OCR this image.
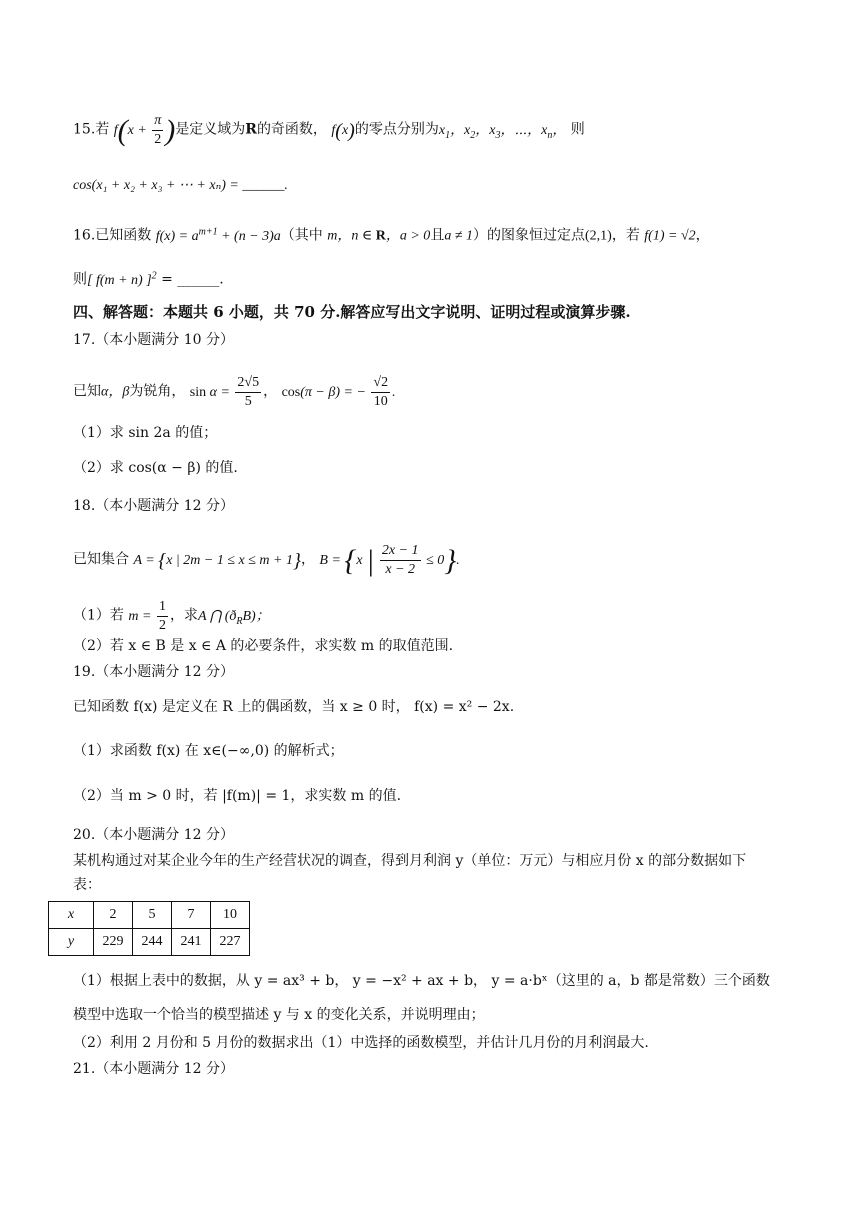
15.若 $f(x + \frac{\pi}{2}$ )是定义域为R的奇函数， f(x)的零点分别为$x_1$，$x_2$，$x_3$，⋯，$x_n$， 则
cos(x₁ + x₂ + x₃ + ⋯ + xₙ) = ______.
16.已知函数 $f(x) = a^{m+1} + (n - 3)a$（其中 m，n ∈ R，a > 0且a ≠ 1）的图象恒过定点(2,1)，若 f(1) = √2，
则[ f(m + n) ]$^2$ = ______.
四、解答题：本题共 6 小题，共 70 分.解答应写出文字说明、证明过程或演算步骤.
17.（本小题满分 10 分）
已知α，β为锐角， $\sin \alpha = \frac{2√5}{5}$ ， cos(π − β) = − $\frac{√2}{10}$ .
（1）求 sin 2a 的值；
（2）求 cos(α − β) 的值.
18.（本小题满分 12 分）
已知集合 A = {x | 2m − 1 ≤ x ≤ m + 1}， B = {x | $\frac{2x - 1}{x - 2} \le 0$}.
（1）若 $m = \frac{1}{2}$ ，求A ⋂ $(ð_RB)$；
（2）若 x ∈ B 是 x ∈ A 的必要条件，求实数 m 的取值范围.
19.（本小题满分 12 分）
已知函数 f(x) 是定义在 R 上的偶函数，当 x ≥ 0 时， f(x) = x² − 2x.
（1）求函数 f(x) 在 x∈(−∞,0) 的解析式；
（2）当 m > 0 时，若 |f(m)| = 1，求实数 m 的值.
20.（本小题满分 12 分）
某机构通过对某企业今年的生产经营状况的调查，得到月利润 y（单位：万元）与相应月份 x 的部分数据如下
表：
x	2	5	7	10
y	229	244	241	227
（1）根据上表中的数据，从 y = ax³ + b， y = −x² + ax + b， y = a·bˣ（这里的 a，b 都是常数）三个函数
模型中选取一个恰当的模型描述 y 与 x 的变化关系，并说明理由；
（2）利用 2 月份和 5 月份的数据求出（1）中选择的函数模型，并估计几月份的月利润最大.
21.（本小题满分 12 分）
